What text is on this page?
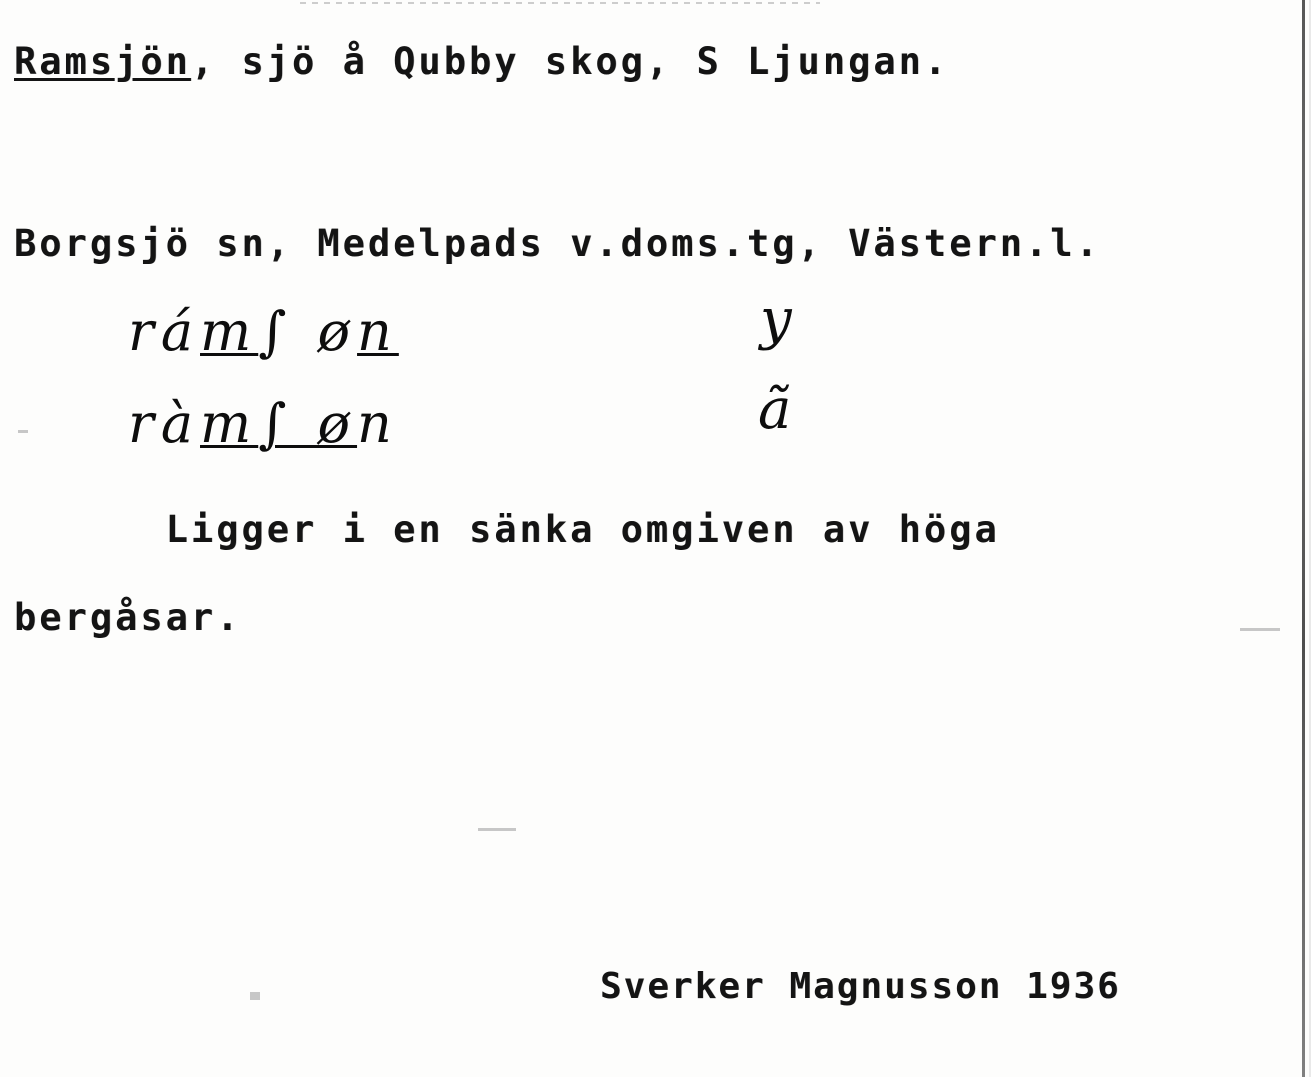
Ramsjön, sjö å Qubby skog, S Ljungan.
Borgsjö sn, Medelpads v.doms.tg, Västern.l.
rám∫ øn
ràm∫ øn
y
ã
Ligger i en sänka omgiven av höga
bergåsar.
Sverker Magnusson 1936
